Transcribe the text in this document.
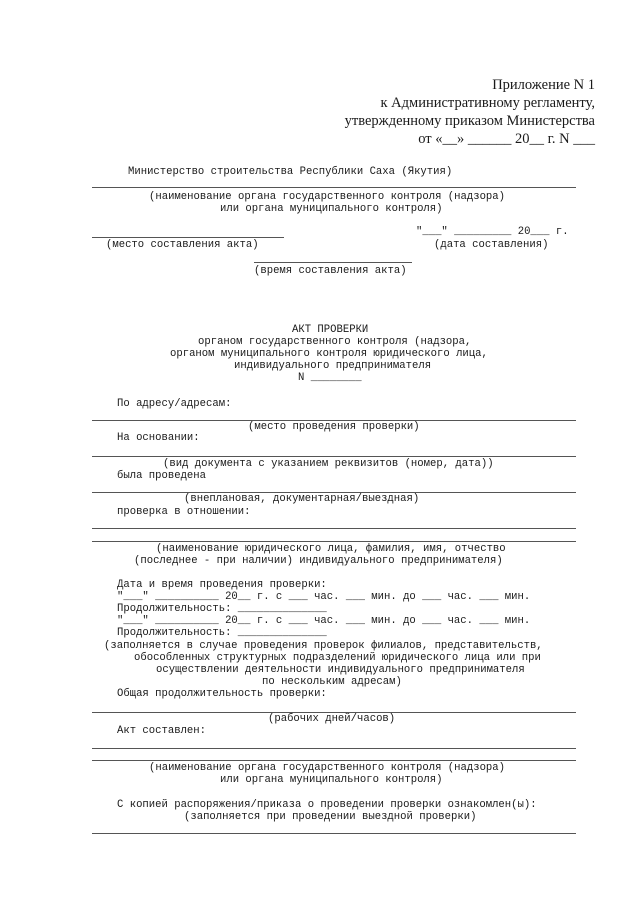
Приложение N 1
к Административному регламенту,
утвержденному приказом Министерства
от «__» ______ 20__ г. N ___
Министерство строительства Республики Саха (Якутия)
(наименование органа государственного контроля (надзора)
или органа муниципального контроля)
"___" _________ 20___ г.
(место составления акта)	(дата составления)
(время составления акта)
АКТ ПРОВЕРКИ
органом государственного контроля (надзора,
органом муниципального контроля юридического лица,
индивидуального предпринимателя
N ________
По адресу/адресам:
(место проведения проверки)
На основании:
(вид документа с указанием реквизитов (номер, дата))
была проведена
(внеплановая, документарная/выездная)
проверка в отношении:
(наименование юридического лица, фамилия, имя, отчество
(последнее - при наличии) индивидуального предпринимателя)
Дата и время проведения проверки:
"___" __________ 20__ г. с ___ час. ___ мин. до ___ час. ___ мин.
Продолжительность: ______________
"___" __________ 20__ г. с ___ час. ___ мин. до ___ час. ___ мин.
Продолжительность: ______________
(заполняется в случае проведения проверок филиалов, представительств,
обособленных структурных подразделений юридического лица или при
осуществлении деятельности индивидуального предпринимателя
по нескольким адресам)
Общая продолжительность проверки:
(рабочих дней/часов)
Акт составлен:
(наименование органа государственного контроля (надзора)
или органа муниципального контроля)
С копией распоряжения/приказа о проведении проверки ознакомлен(ы):
(заполняется при проведении выездной проверки)
